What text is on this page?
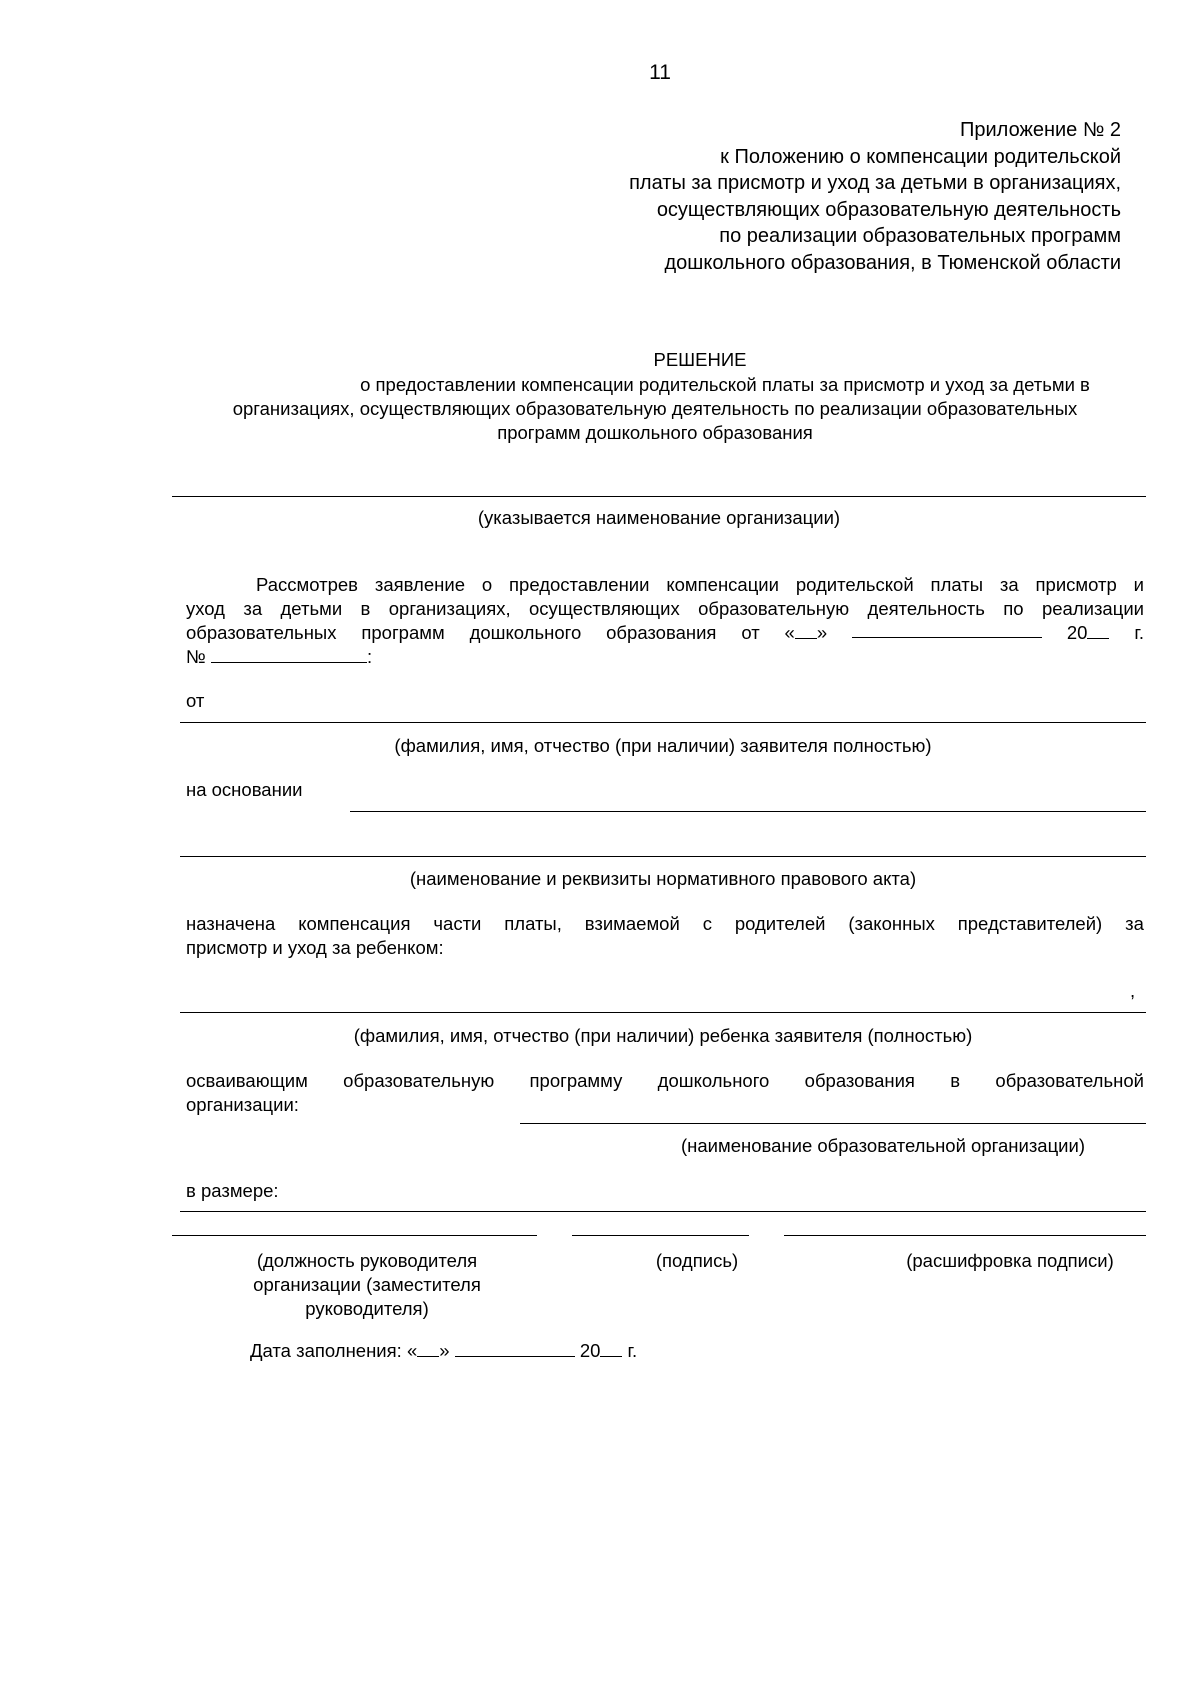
11
Приложение № 2
к Положению о компенсации родительской
платы за присмотр и уход за детьми в организациях,
осуществляющих образовательную деятельность
по реализации образовательных программ
дошкольного образования, в Тюменской области
РЕШЕНИЕ
о предоставлении компенсации родительской платы за присмотр и уход за детьми в
организациях, осуществляющих образовательную деятельность по реализации образовательных
программ дошкольного образования
(указывается наименование организации)
Рассмотрев заявление о предоставлении компенсации родительской платы за присмотр и
уход за детьми в организациях, осуществляющих образовательную деятельность по реализации
образовательных программ дошкольного образования от « »	20	г.
№	:
от
(фамилия, имя, отчество (при наличии) заявителя полностью)
на основании
(наименование и реквизиты нормативного правового акта)
назначена компенсация части платы, взимаемой с родителей (законных представителей) за
присмотр и уход за ребенком:
,
(фамилия, имя, отчество (при наличии) ребенка заявителя (полностью)
осваивающим образовательную программу дошкольного образования в образовательной
организации:
(наименование образовательной организации)
в размере:
(должность руководителя организации (заместителя руководителя)
(подпись)	(расшифровка подписи)
Дата заполнения: « »	20 г.
